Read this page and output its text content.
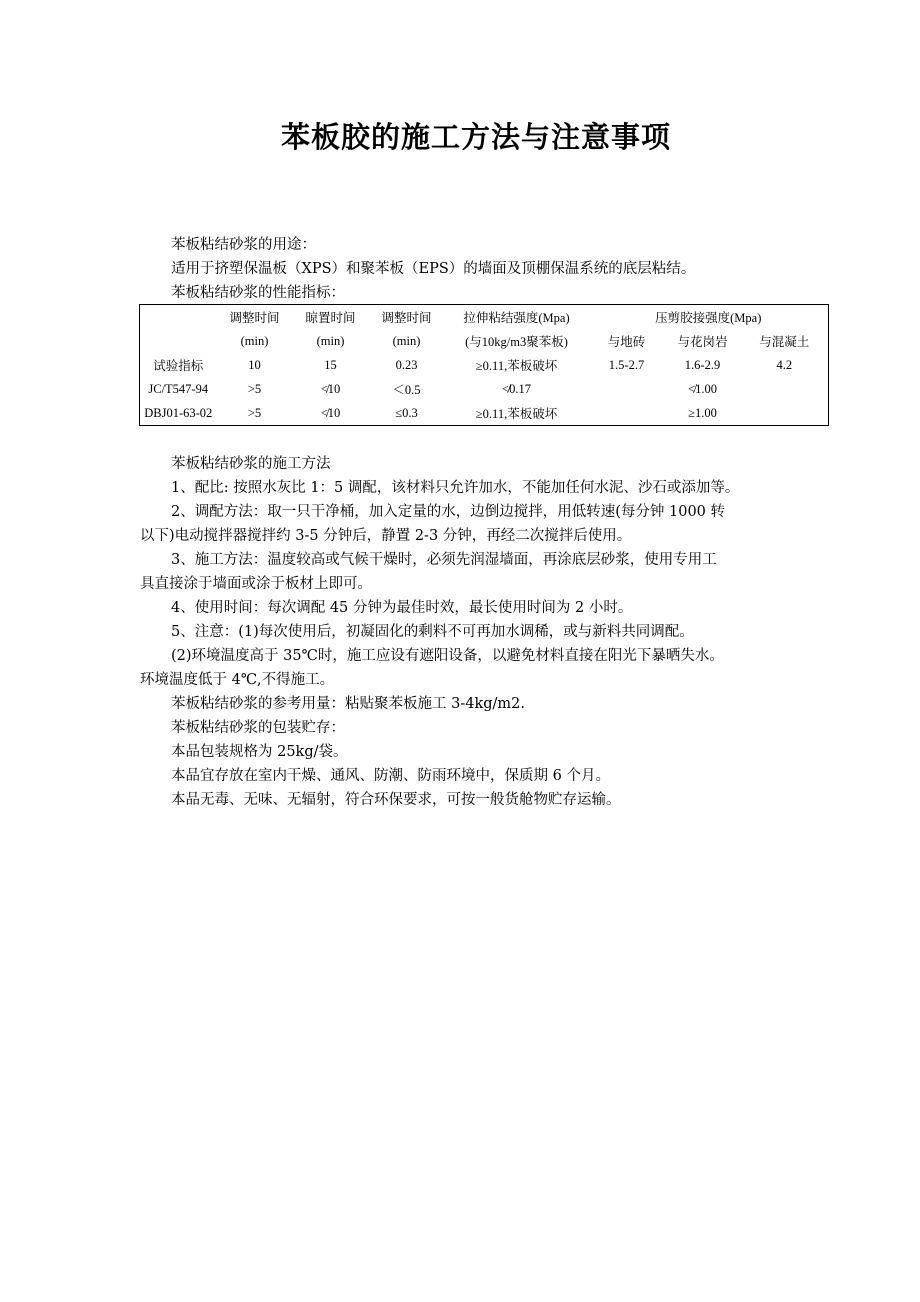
苯板胶的施工方法与注意事项
苯板粘结砂浆的用途：
适用于挤塑保温板（XPS）和聚苯板（EPS）的墙面及顶棚保温系统的底层粘结。
苯板粘结砂浆的性能指标：
	调整时间	晾置时间	调整时间	拉伸粘结强度(Mpa)	压剪胶接强度(Mpa)		
	(min)	(min)	(min)	(与10kg/m3聚苯板)	与地砖	与花岗岩	与混凝土
试验指标	10	15	0.23	≥0.11,苯板破坏	1.5-2.7	1.6-2.9	4.2
JC/T547-94	>5	≮10	＜0.5	≮0.17		≮1.00	
DBJ01-63-02	>5	≮10	≤0.3	≥0.11,苯板破坏		≥1.00	
苯板粘结砂浆的施工方法
1、配比: 按照水灰比 1：5 调配，该材料只允许加水，不能加任何水泥、沙石或添加等。
2、调配方法：取一只干净桶，加入定量的水，边倒边搅拌，用低转速(每分钟 1000 转
以下)电动搅拌器搅拌约 3-5 分钟后，静置 2-3 分钟，再经二次搅拌后使用。
3、施工方法：温度较高或气候干燥时，必须先润湿墙面，再涂底层砂浆，使用专用工
具直接涂于墙面或涂于板材上即可。
4、使用时间：每次调配 45 分钟为最佳时效，最长使用时间为 2 小时。
5、注意：(1)每次使用后，初凝固化的剩料不可再加水调稀，或与新料共同调配。
(2)环境温度高于 35℃时，施工应设有遮阳设备，以避免材料直接在阳光下暴晒失水。
环境温度低于 4℃,不得施工。
苯板粘结砂浆的参考用量：粘贴聚苯板施工 3-4kg/m2.
苯板粘结砂浆的包装贮存：
本品包装规格为 25kg/袋。
本品宜存放在室内干燥、通风、防潮、防雨环境中，保质期 6 个月。
本品无毒、无味、无辐射，符合环保要求，可按一般货舱物贮存运输。
